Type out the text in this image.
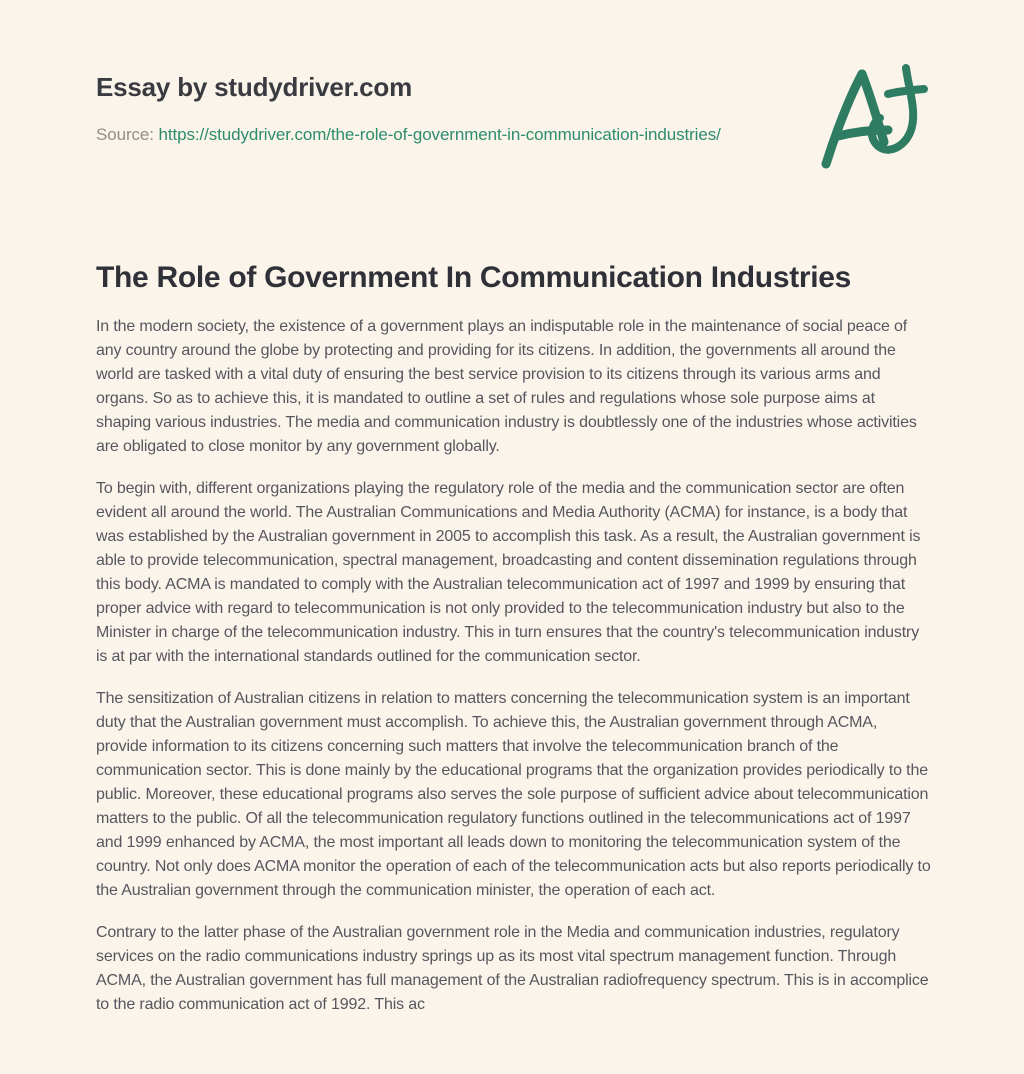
Essay by studydriver.com

Source: https://studydriver.com/the-role-of-government-in-communication-industries/

The Role of Government In Communication Industries

In the modern society, the existence of a government plays an indisputable role in the maintenance of social peace of any country around the globe by protecting and providing for its citizens. In addition, the governments all around the world are tasked with a vital duty of ensuring the best service provision to its citizens through its various arms and organs. So as to achieve this, it is mandated to outline a set of rules and regulations whose sole purpose aims at shaping various industries. The media and communication industry is doubtlessly one of the industries whose activities are obligated to close monitor by any government globally.

To begin with, different organizations playing the regulatory role of the media and the communication sector are often evident all around the world. The Australian Communications and Media Authority (ACMA) for instance, is a body that was established by the Australian government in 2005 to accomplish this task. As a result, the Australian government is able to provide telecommunication, spectral management, broadcasting and content dissemination regulations through this body. ACMA is mandated to comply with the Australian telecommunication act of 1997 and 1999 by ensuring that proper advice with regard to telecommunication is not only provided to the telecommunication industry but also to the Minister in charge of the telecommunication industry. This in turn ensures that the country's telecommunication industry is at par with the international standards outlined for the communication sector.

The sensitization of Australian citizens in relation to matters concerning the telecommunication system is an important duty that the Australian government must accomplish. To achieve this, the Australian government through ACMA, provide information to its citizens concerning such matters that involve the telecommunication branch of the communication sector. This is done mainly by the educational programs that the organization provides periodically to the public. Moreover, these educational programs also serves the sole purpose of sufficient advice about telecommunication matters to the public. Of all the telecommunication regulatory functions outlined in the telecommunications act of 1997 and 1999 enhanced by ACMA, the most important all leads down to monitoring the telecommunication system of the country. Not only does ACMA monitor the operation of each of the telecommunication acts but also reports periodically to the Australian government through the communication minister, the operation of each act.

Contrary to the latter phase of the Australian government role in the Media and communication industries, regulatory services on the radio communications industry springs up as its most vital spectrum management function. Through ACMA, the Australian government has full management of the Australian radiofrequency spectrum. This is in accomplice to the radio communication act of 1992. This ac
